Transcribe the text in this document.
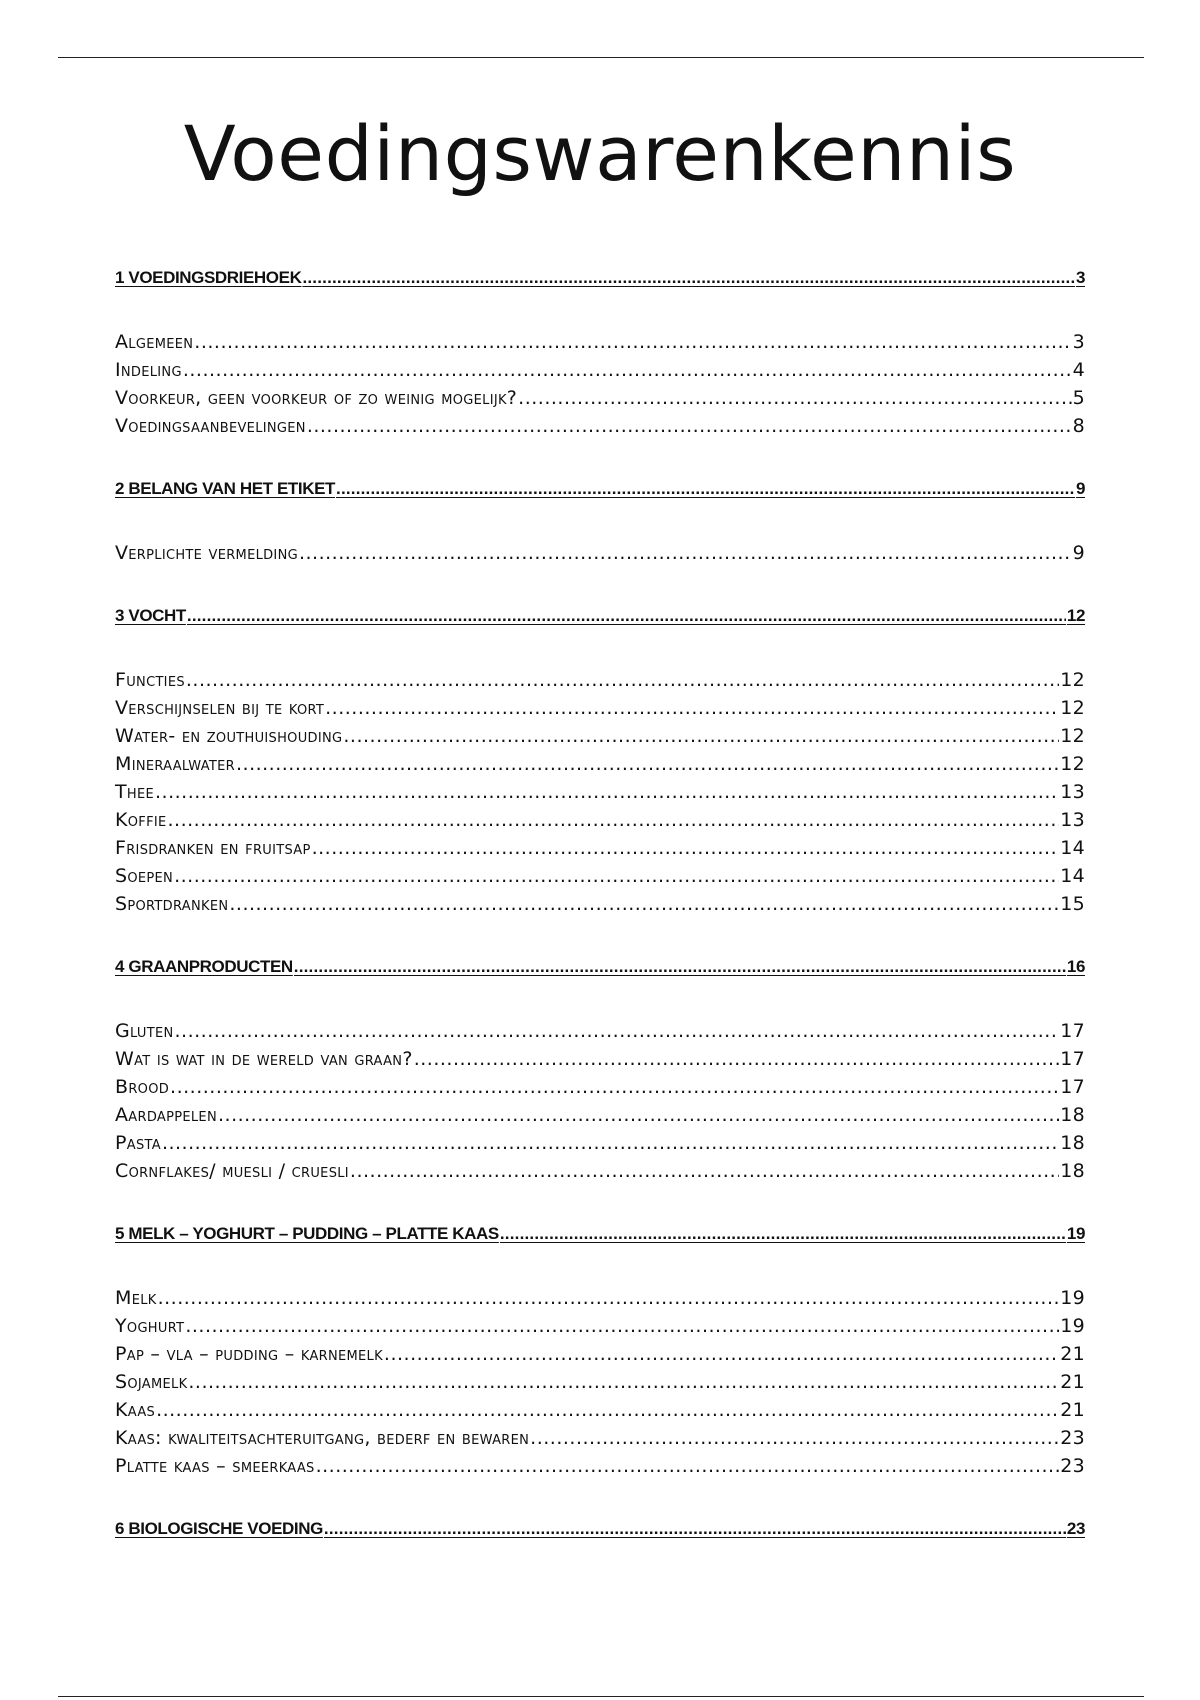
Voedingswarenkennis
1 VOEDINGSDRIEHOEK .....	3
Algemeen .....	3
Indeling .....	4
Voorkeur, geen voorkeur of zo weinig mogelijk? .....	5
Voedingsaanbevelingen .....	8
2 BELANG VAN HET ETIKET .....	9
Verplichte vermelding .....	9
3 VOCHT .....	12
Functies .....	12
Verschijnselen bij te kort .....	12
Water- en zouthuishouding .....	12
Mineraalwater .....	12
Thee .....	13
Koffie .....	13
Frisdranken en fruitsap .....	14
Soepen .....	14
Sportdranken .....	15
4 GRAANPRODUCTEN .....	16
Gluten .....	17
Wat is wat in de wereld van graan? .....	17
Brood .....	17
Aardappelen .....	18
Pasta .....	18
Cornflakes/ muesli / cruesli .....	18
5 MELK – YOGHURT – PUDDING – PLATTE KAAS .....	19
Melk .....	19
Yoghurt .....	19
Pap – vla – pudding – karnemelk .....	21
Sojamelk .....	21
Kaas .....	21
Kaas: kwaliteitsachteruitgang, bederf en bewaren .....	23
Platte kaas – smeerkaas .....	23
6 BIOLOGISCHE VOEDING .....	23
